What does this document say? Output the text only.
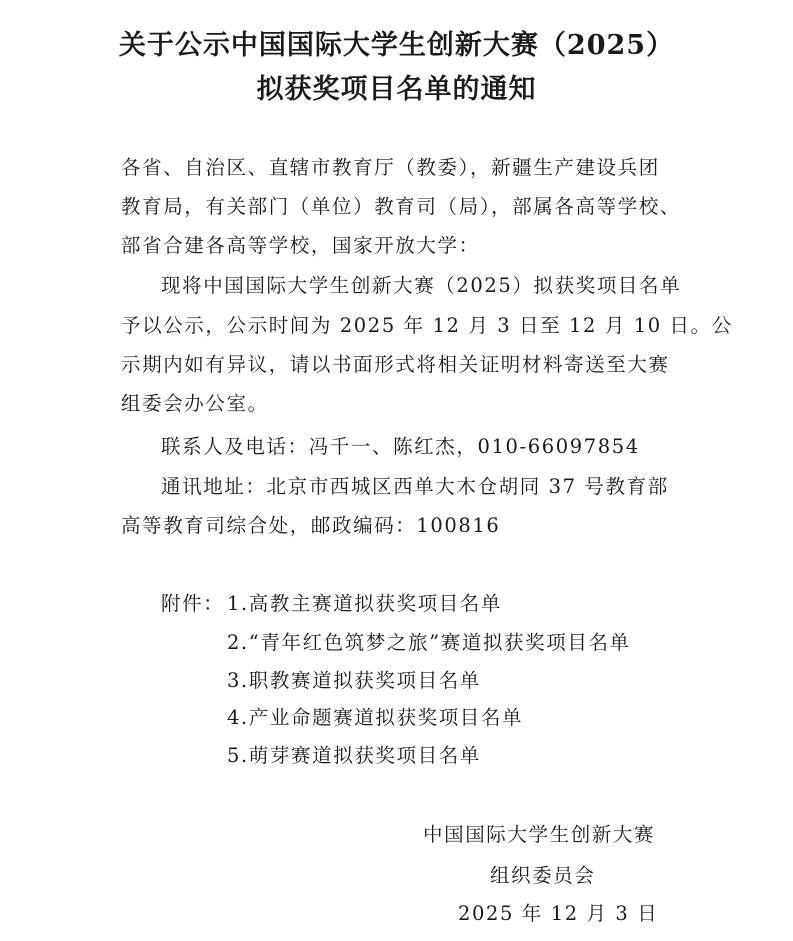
关于公示中国国际大学生创新大赛（2025）
拟获奖项目名单的通知
各省、自治区、直辖市教育厅（教委），新疆生产建设兵团
教育局，有关部门（单位）教育司（局），部属各高等学校、
部省合建各高等学校，国家开放大学：
现将中国国际大学生创新大赛（2025）拟获奖项目名单
予以公示，公示时间为 2025 年 12 月 3 日至 12 月 10 日。公
示期内如有异议，请以书面形式将相关证明材料寄送至大赛
组委会办公室。
联系人及电话：冯千一、陈红杰，010-66097854
通讯地址：北京市西城区西单大木仓胡同 37 号教育部
高等教育司综合处，邮政编码：100816
附件： 1.高教主赛道拟获奖项目名单
2.“青年红色筑梦之旅”赛道拟获奖项目名单
3.职教赛道拟获奖项目名单
4.产业命题赛道拟获奖项目名单
5.萌芽赛道拟获奖项目名单
中国国际大学生创新大赛
组织委员会
2025 年 12 月 3 日
